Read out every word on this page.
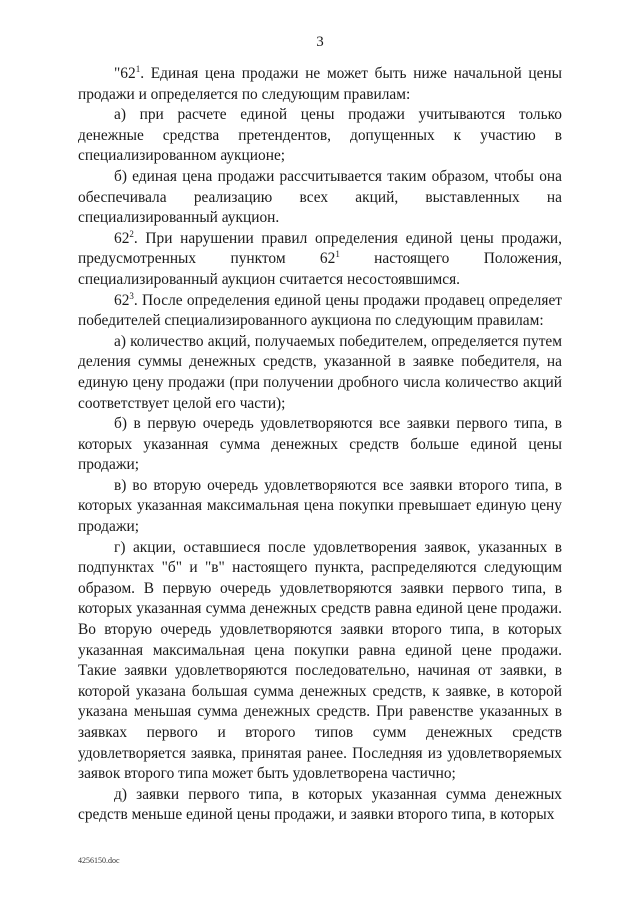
3

"$62^1$. Единая цена продажи не может быть ниже начальной цены продажи и определяется по следующим правилам:

а) при расчете единой цены продажи учитываются только денежные средства претендентов, допущенных к участию в специализированном аукционе;

б) единая цена продажи рассчитывается таким образом, чтобы она обеспечивала реализацию всех акций, выставленных на специализированный аукцион.

$62^2$. При нарушении правил определения единой цены продажи, предусмотренных пунктом $62^1$ настоящего Положения, специализированный аукцион считается несостоявшимся.

$62^3$. После определения единой цены продажи продавец определяет победителей специализированного аукциона по следующим правилам:

а) количество акций, получаемых победителем, определяется путем деления суммы денежных средств, указанной в заявке победителя, на единую цену продажи (при получении дробного числа количество акций соответствует целой его части);

б) в первую очередь удовлетворяются все заявки первого типа, в которых указанная сумма денежных средств больше единой цены продажи;

в) во вторую очередь удовлетворяются все заявки второго типа, в которых указанная максимальная цена покупки превышает единую цену продажи;

г) акции, оставшиеся после удовлетворения заявок, указанных в подпунктах "б" и "в" настоящего пункта, распределяются следующим образом. В первую очередь удовлетворяются заявки первого типа, в которых указанная сумма денежных средств равна единой цене продажи. Во вторую очередь удовлетворяются заявки второго типа, в которых указанная максимальная цена покупки равна единой цене продажи. Такие заявки удовлетворяются последовательно, начиная от заявки, в которой указана большая сумма денежных средств, к заявке, в которой указана меньшая сумма денежных средств. При равенстве указанных в заявках первого и второго типов сумм денежных средств удовлетворяется заявка, принятая ранее. Последняя из удовлетворяемых заявок второго типа может быть удовлетворена частично;

д) заявки первого типа, в которых указанная сумма денежных средств меньше единой цены продажи, и заявки второго типа, в которых

4256150.doc
